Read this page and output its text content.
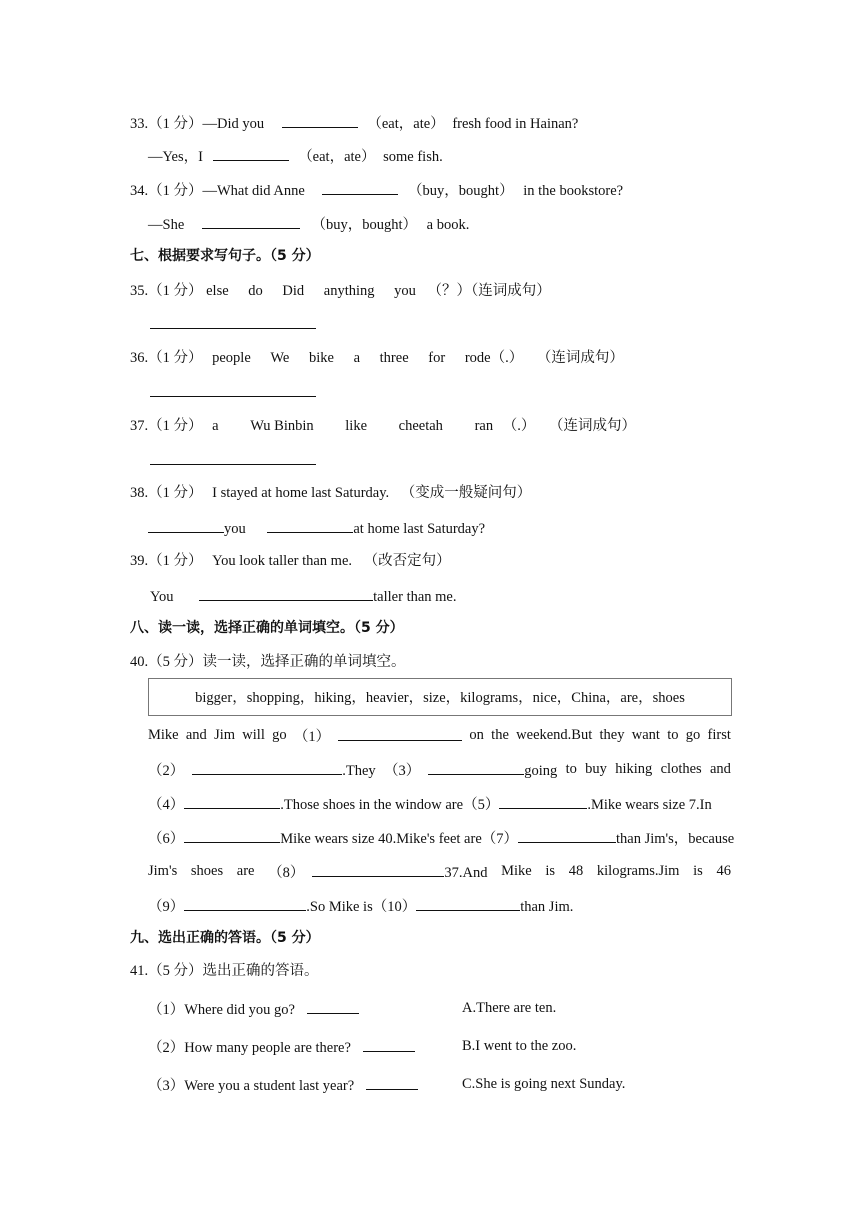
33.（1 分）—Did you	（eat，ate） fresh food in Hainan?
—Yes，I	（eat，ate） some fish.
34.（1 分）—What did Anne	（buy，bought） in the bookstore?
—She	（buy，bought） a book.
七、根据要求写句子。（5 分）
35.（1 分） else do Did anything you （？）（连词成句）
36.（1 分） people We bike a three for rode（.） （连词成句）
37.（1 分） a Wu Binbin like cheetah ran （.） （连词成句）
38.（1 分） I stayed at home last Saturday. （变成一般疑问句）
you	at home last Saturday?
39.（1 分） You look taller than me. （改否定句）
You	taller than me.
八、读一读，选择正确的单词填空。（5 分）
40.（5 分）读一读，选择正确的单词填空。
bigger，shopping，hiking，heavier，size，kilograms，nice，China，are，shoes
Mike and Jim will go （1）	on the weekend.But they want to go first
（2）	.They （3）	going to buy hiking clothes and
（4）	.Those shoes in the window are（5）	.Mike wears size 7.In
（6）	Mike wears size 40.Mike's feet are（7）	than Jim's，because
Jim's shoes are （8）	37.And Mike is 48 kilograms.Jim is 46
（9）	.So Mike is（10）	than Jim.
九、选出正确的答语。（5 分）
41.（5 分）选出正确的答语。
（1）Where did you go?	A.There are ten.
（2）How many people are there?	B.I went to the zoo.
（3）Were you a student last year?	C.She is going next Sunday.
